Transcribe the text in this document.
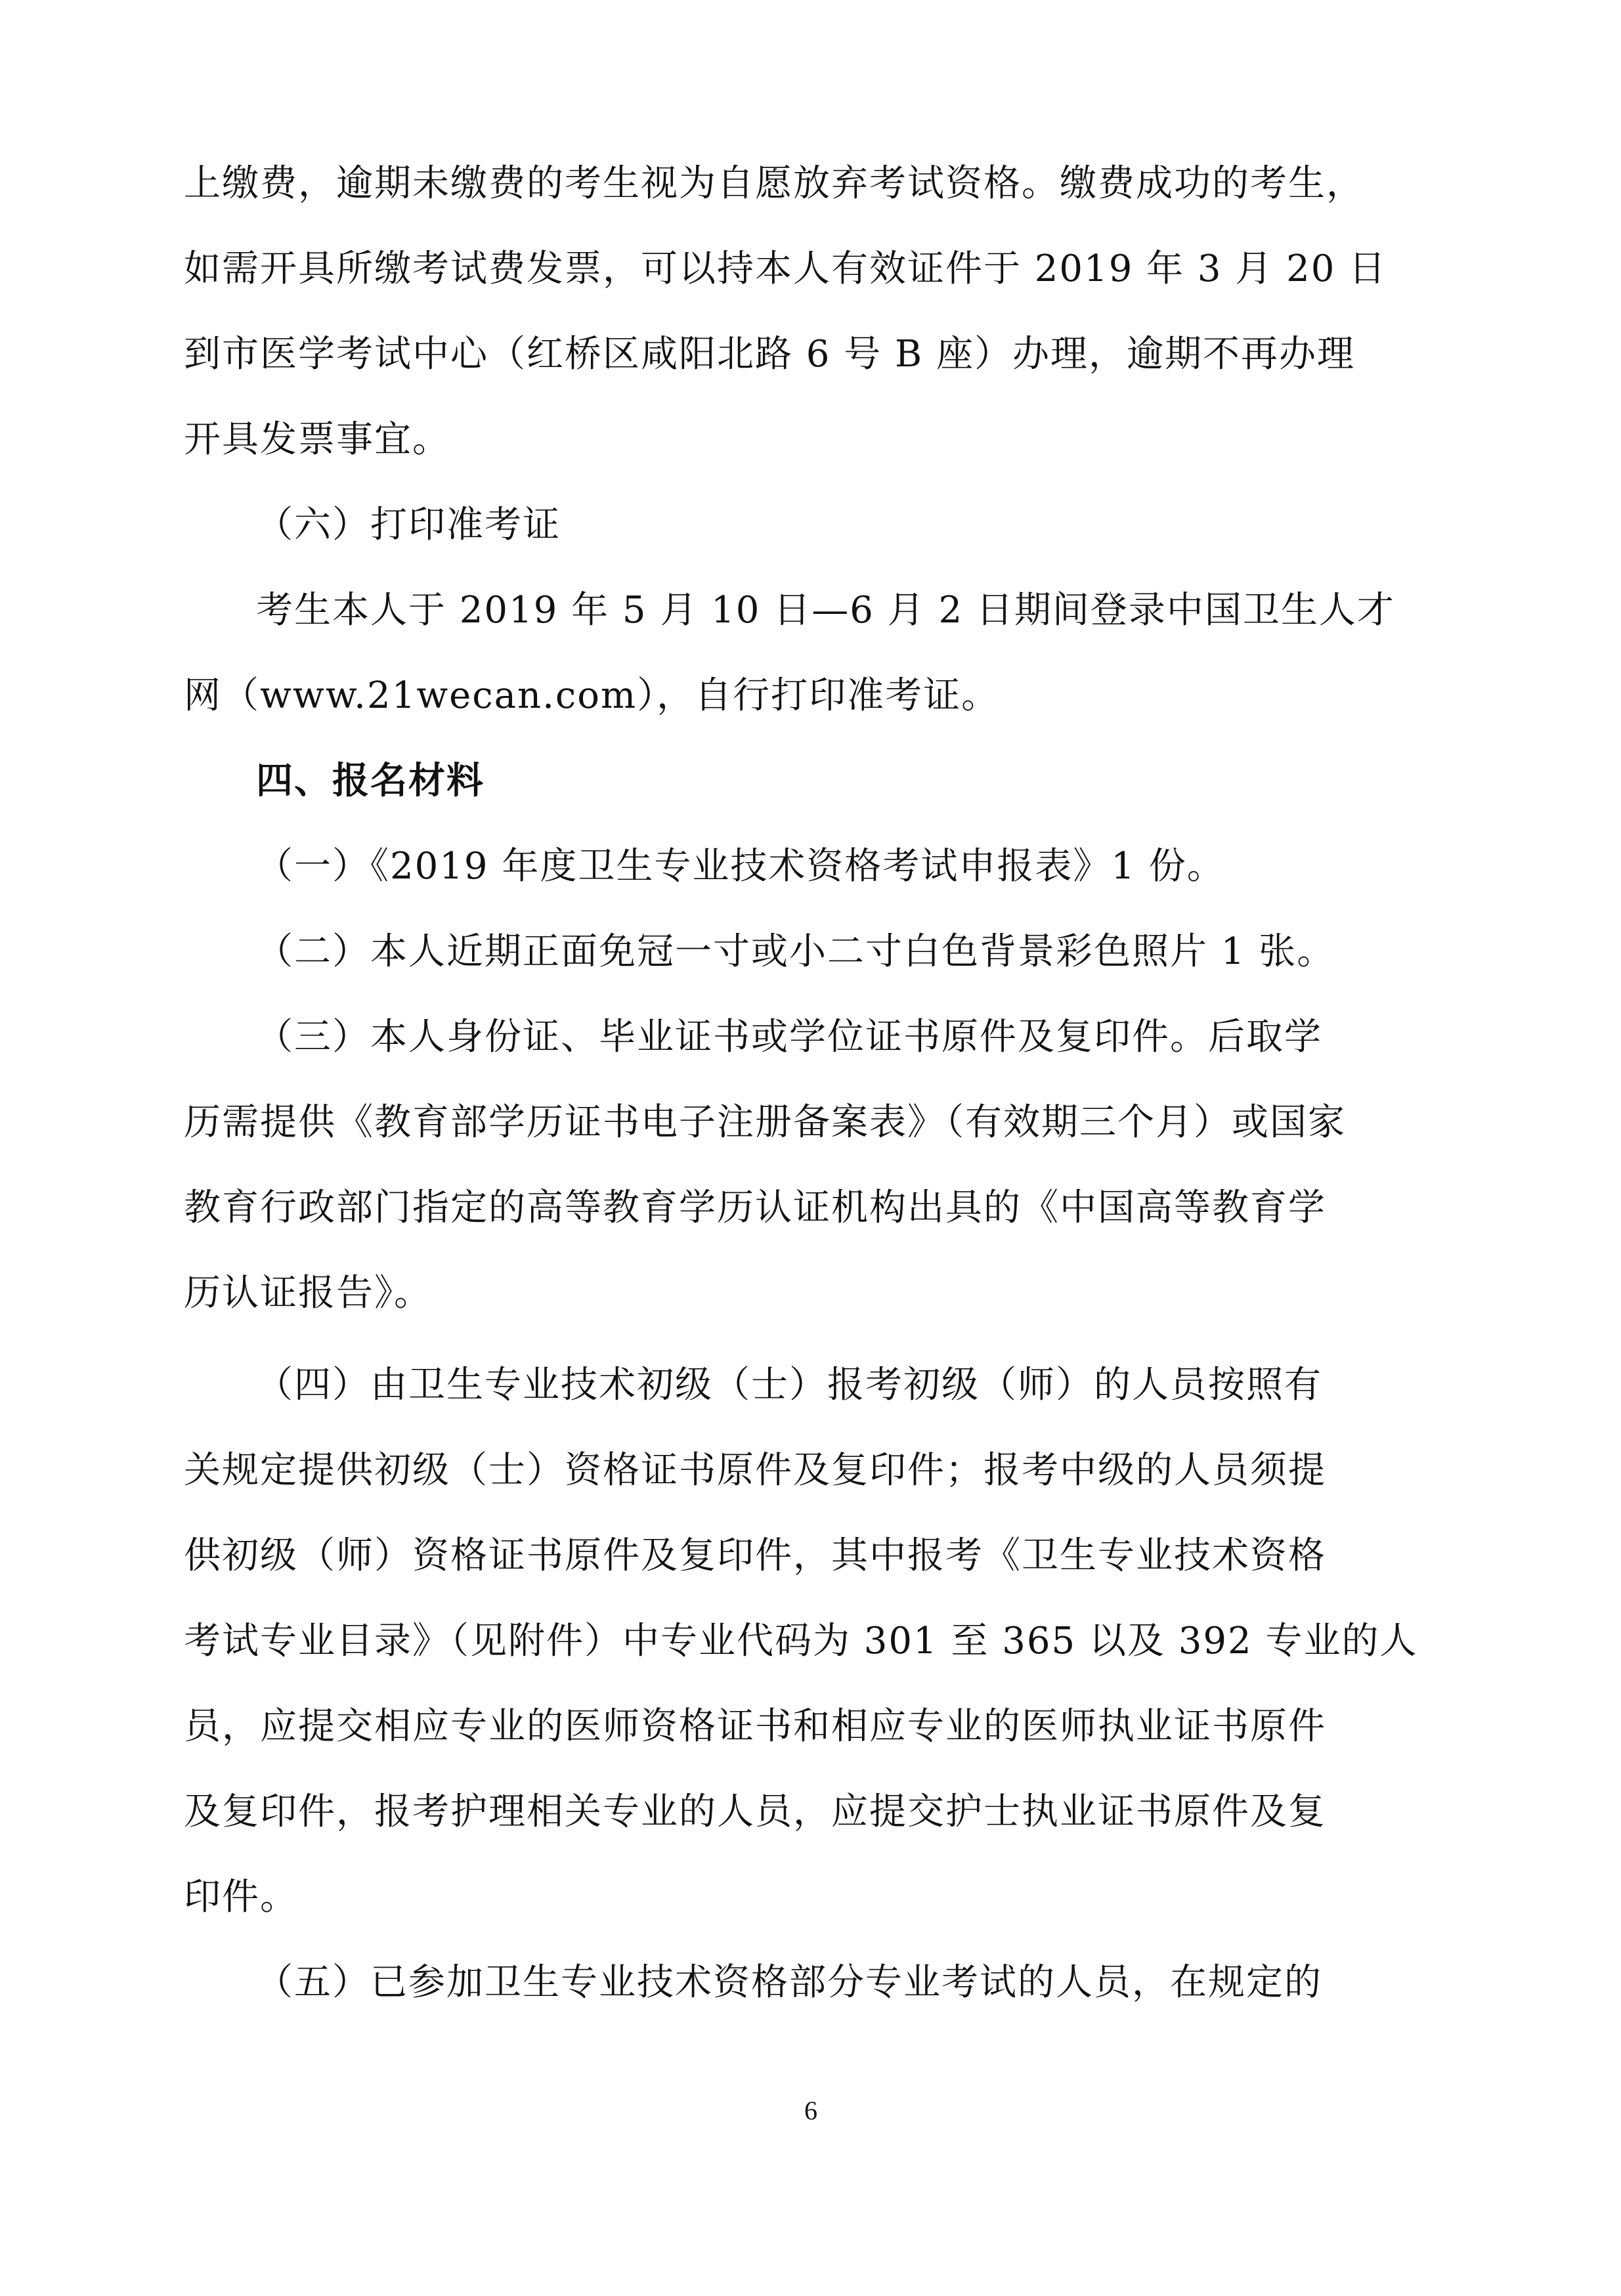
上缴费，逾期未缴费的考生视为自愿放弃考试资格。缴费成功的考生，
如需开具所缴考试费发票，可以持本人有效证件于 2019 年 3 月 20 日
到市医学考试中心（红桥区咸阳北路 6 号 B 座）办理，逾期不再办理
开具发票事宜。
（六）打印准考证
考生本人于 2019 年 5 月 10 日—6 月 2 日期间登录中国卫生人才
网（www.21wecan.com），自行打印准考证。
四、报名材料
（一）《2019 年度卫生专业技术资格考试申报表》1 份。
（二）本人近期正面免冠一寸或小二寸白色背景彩色照片 1 张。
（三）本人身份证、毕业证书或学位证书原件及复印件。后取学
历需提供《教育部学历证书电子注册备案表》（有效期三个月）或国家
教育行政部门指定的高等教育学历认证机构出具的《中国高等教育学
历认证报告》。
（四）由卫生专业技术初级（士）报考初级（师）的人员按照有
关规定提供初级（士）资格证书原件及复印件；报考中级的人员须提
供初级（师）资格证书原件及复印件，其中报考《卫生专业技术资格
考试专业目录》（见附件）中专业代码为 301 至 365 以及 392 专业的人
员，应提交相应专业的医师资格证书和相应专业的医师执业证书原件
及复印件，报考护理相关专业的人员，应提交护士执业证书原件及复
印件。
（五）已参加卫生专业技术资格部分专业考试的人员，在规定的
6
